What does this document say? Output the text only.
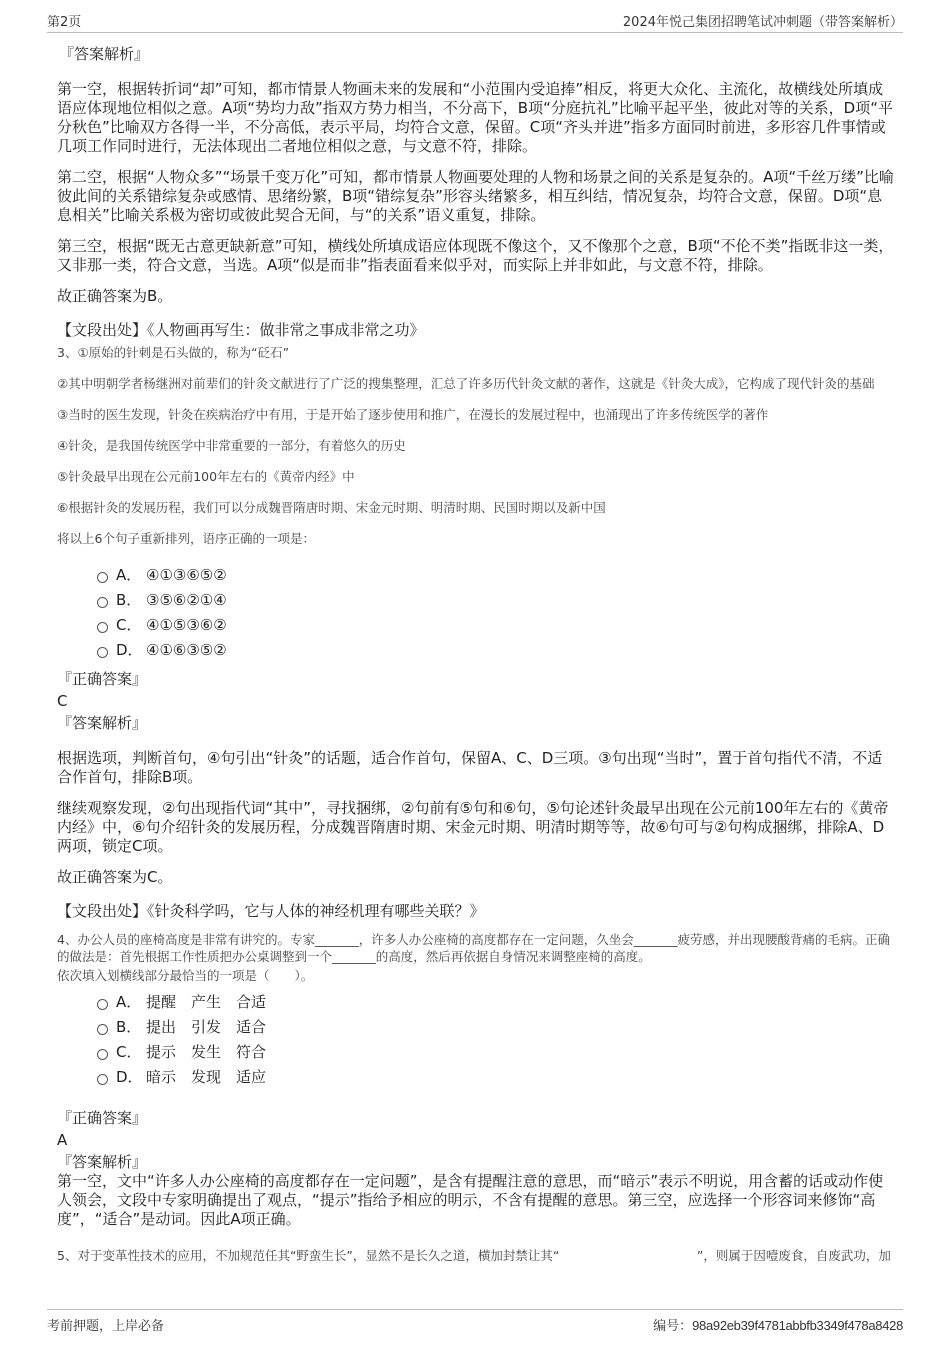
第2页	2024年悦己集团招聘笔试冲刺题（带答案解析）

『答案解析』

第一空，根据转折词“却”可知，都市情景人物画未来的发展和“小范围内受追捧”相反，将更大众化、主流化，故横线处所填成语应体现地位相似之意。A项“势均力敌”指双方势力相当，不分高下，B项“分庭抗礼”比喻平起平坐，彼此对等的关系，D项“平分秋色”比喻双方各得一半，不分高低，表示平局，均符合文意，保留。C项“齐头并进”指多方面同时前进，多形容几件事情或几项工作同时进行，无法体现出二者地位相似之意，与文意不符，排除。

第二空，根据“人物众多”“场景千变万化”可知，都市情景人物画要处理的人物和场景之间的关系是复杂的。A项“千丝万缕”比喻彼此间的关系错综复杂或感情、思绪纷繁，B项“错综复杂”形容头绪繁多，相互纠结，情况复杂，均符合文意，保留。D项“息息相关”比喻关系极为密切或彼此契合无间，与“的关系”语义重复，排除。

第三空，根据“既无古意更缺新意”可知，横线处所填成语应体现既不像这个，又不像那个之意，B项“不伦不类”指既非这一类，又非那一类，符合文意，当选。A项“似是而非”指表面看来似乎对，而实际上并非如此，与文意不符，排除。

故正确答案为B。

【文段出处】《人物画再写生：做非常之事成非常之功》

3、①原始的针刺是石头做的，称为“砭石”

②其中明朝学者杨继洲对前辈们的针灸文献进行了广泛的搜集整理，汇总了许多历代针灸文献的著作，这就是《针灸大成》，它构成了现代针灸的基础

③当时的医生发现，针灸在疾病治疗中有用，于是开始了逐步使用和推广，在漫长的发展过程中，也涌现出了许多传统医学的著作

④针灸，是我国传统医学中非常重要的一部分，有着悠久的历史

⑤针灸最早出现在公元前100年左右的《黄帝内经》中

⑥根据针灸的发展历程，我们可以分成魏晋隋唐时期、宋金元时期、明清时期、民国时期以及新中国

将以上6个句子重新排列，语序正确的一项是：

A． ④①③⑥⑤②
B． ③⑤⑥②①④
C． ④①⑤③⑥②
D． ④①⑥③⑤②

『正确答案』

C

『答案解析』

根据选项，判断首句，④句引出“针灸”的话题，适合作首句，保留A、C、D三项。③句出现“当时”，置于首句指代不清，不适合作首句，排除B项。

继续观察发现，②句出现指代词“其中”，寻找捆绑，②句前有⑤句和⑥句，⑤句论述针灸最早出现在公元前100年左右的《黄帝内经》中，⑥句介绍针灸的发展历程，分成魏晋隋唐时期、宋金元时期、明清时期等等，故⑥句可与②句构成捆绑，排除A、D两项，锁定C项。

故正确答案为C。

【文段出处】《针灸科学吗，它与人体的神经机理有哪些关联？》

4、办公人员的座椅高度是非常有讲究的。专家_______，许多人办公座椅的高度都存在一定问题，久坐会_______疲劳感，并出现腰酸背痛的毛病。正确的做法是：首先根据工作性质把办公桌调整到一个_______的高度，然后再依据自身情况来调整座椅的高度。

依次填入划横线部分最恰当的一项是（　　）。

A． 提醒　产生　合适
B． 提出　引发　适合
C． 提示　发生　符合
D． 暗示　发现　适应

『正确答案』

A

『答案解析』

第一空，文中“许多人办公座椅的高度都存在一定问题”，是含有提醒注意的意思，而“暗示”表示不明说，用含蓄的话或动作使人领会，文段中专家明确提出了观点，“提示”指给予相应的明示，不含有提醒的意思。第三空，应选择一个形容词来修饰“高度”，“适合”是动词。因此A项正确。

5、对于变革性技术的应用，不加规范任其“野蛮生长”，显然不是长久之道，横加封禁让其“　　　　　　　　　　　”，则属于因噎废食，自废武功，加

考前押题，上岸必备	编号：98a92eb39f4781abbfb3349f478a8428
